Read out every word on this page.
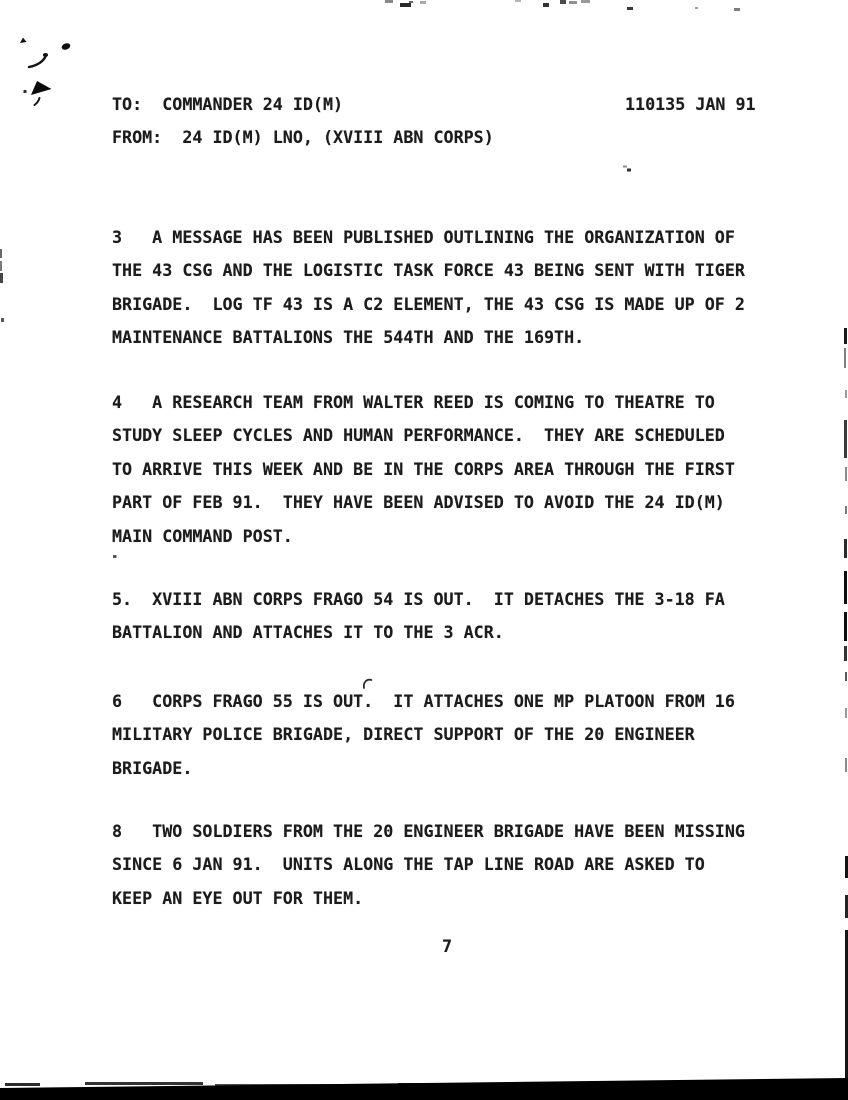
TO:  COMMANDER 24 ID(M)
FROM:  24 ID(M) LNO, (XVIII ABN CORPS)
110135 JAN 91
3   A MESSAGE HAS BEEN PUBLISHED OUTLINING THE ORGANIZATION OF
THE 43 CSG AND THE LOGISTIC TASK FORCE 43 BEING SENT WITH TIGER
BRIGADE.  LOG TF 43 IS A C2 ELEMENT, THE 43 CSG IS MADE UP OF 2
MAINTENANCE BATTALIONS THE 544TH AND THE 169TH.
4   A RESEARCH TEAM FROM WALTER REED IS COMING TO THEATRE TO
STUDY SLEEP CYCLES AND HUMAN PERFORMANCE.  THEY ARE SCHEDULED
TO ARRIVE THIS WEEK AND BE IN THE CORPS AREA THROUGH THE FIRST
PART OF FEB 91.  THEY HAVE BEEN ADVISED TO AVOID THE 24 ID(M)
MAIN COMMAND POST.
5.  XVIII ABN CORPS FRAGO 54 IS OUT.  IT DETACHES THE 3-18 FA
BATTALION AND ATTACHES IT TO THE 3 ACR.
6   CORPS FRAGO 55 IS OUT.  IT ATTACHES ONE MP PLATOON FROM 16
MILITARY POLICE BRIGADE, DIRECT SUPPORT OF THE 20 ENGINEER
BRIGADE.
8   TWO SOLDIERS FROM THE 20 ENGINEER BRIGADE HAVE BEEN MISSING
SINCE 6 JAN 91.  UNITS ALONG THE TAP LINE ROAD ARE ASKED TO
KEEP AN EYE OUT FOR THEM.
7
